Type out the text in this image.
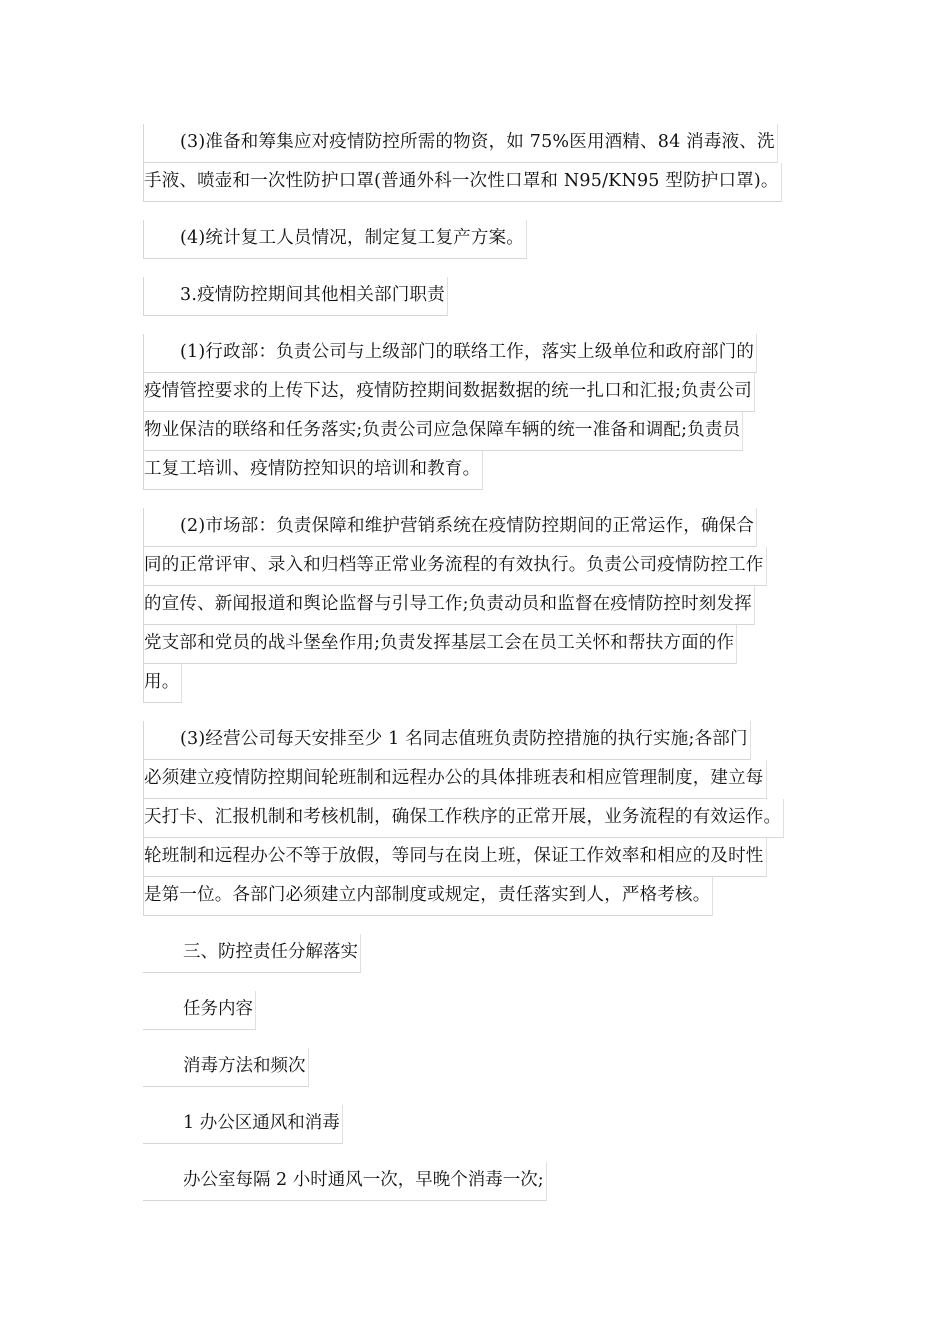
(3)准备和筹集应对疫情防控所需的物资，如 75%医用酒精、84 消毒液、洗
手液、喷壶和一次性防护口罩(普通外科一次性口罩和 N95/KN95 型防护口罩)。
(4)统计复工人员情况，制定复工复产方案。
3.疫情防控期间其他相关部门职责
(1)行政部：负责公司与上级部门的联络工作，落实上级单位和政府部门的
疫情管控要求的上传下达，疫情防控期间数据数据的统一扎口和汇报;负责公司
物业保洁的联络和任务落实;负责公司应急保障车辆的统一准备和调配;负责员
工复工培训、疫情防控知识的培训和教育。
(2)市场部：负责保障和维护营销系统在疫情防控期间的正常运作，确保合
同的正常评审、录入和归档等正常业务流程的有效执行。负责公司疫情防控工作
的宣传、新闻报道和舆论监督与引导工作;负责动员和监督在疫情防控时刻发挥
党支部和党员的战斗堡垒作用;负责发挥基层工会在员工关怀和帮扶方面的作
用。
(3)经营公司每天安排至少 1 名同志值班负责防控措施的执行实施;各部门
必须建立疫情防控期间轮班制和远程办公的具体排班表和相应管理制度，建立每
天打卡、汇报机制和考核机制，确保工作秩序的正常开展，业务流程的有效运作。
轮班制和远程办公不等于放假，等同与在岗上班，保证工作效率和相应的及时性
是第一位。各部门必须建立内部制度或规定，责任落实到人，严格考核。
三、防控责任分解落实
任务内容
消毒方法和频次
1 办公区通风和消毒
办公室每隔 2 小时通风一次，早晚个消毒一次;
